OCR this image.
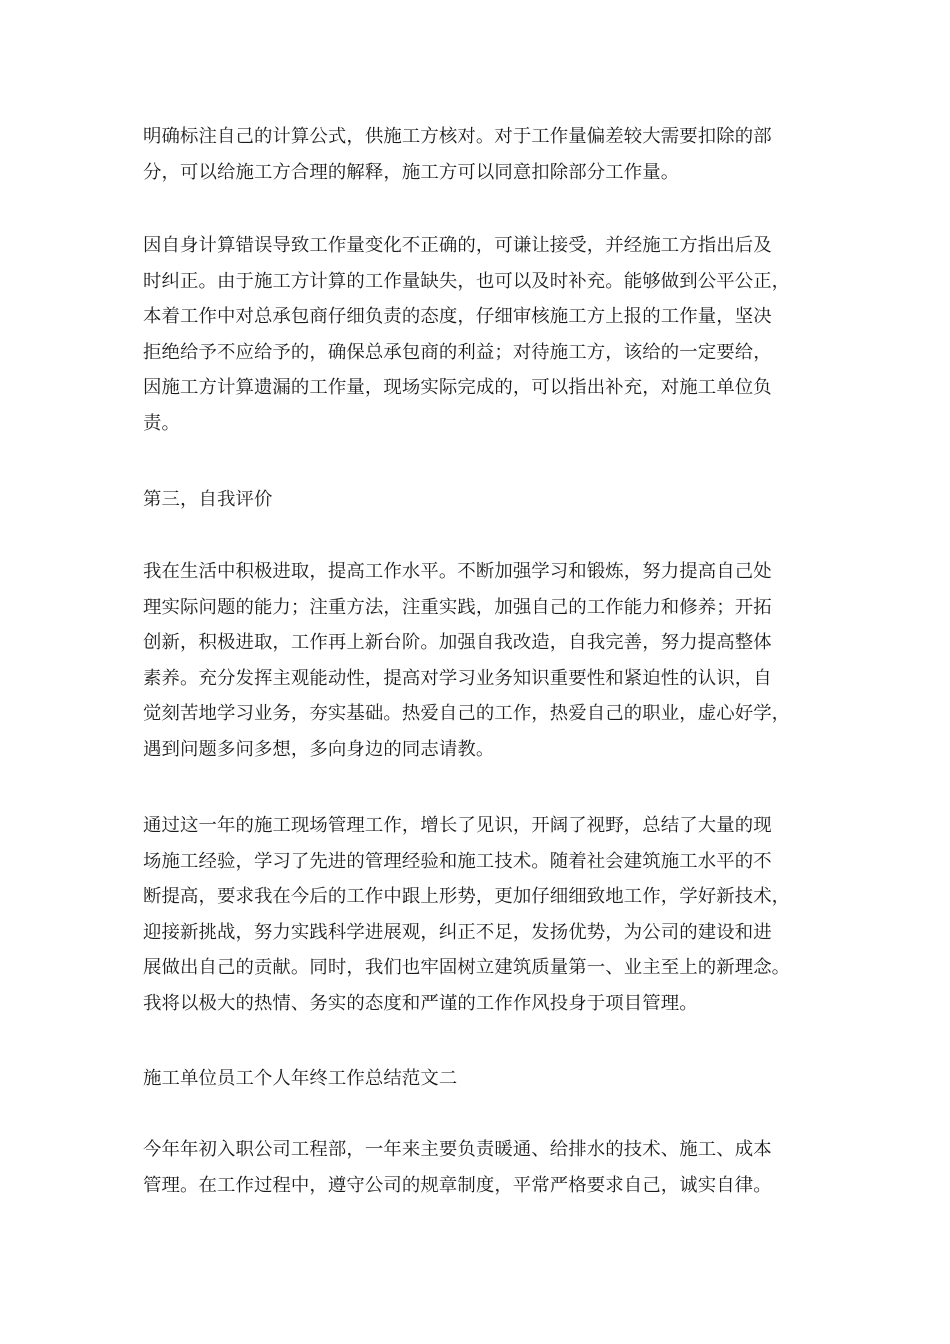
明确标注自己的计算公式，供施工方核对。对于工作量偏差较大需要扣除的部
分，可以给施工方合理的解释，施工方可以同意扣除部分工作量。

因自身计算错误导致工作量变化不正确的，可谦让接受，并经施工方指出后及
时纠正。由于施工方计算的工作量缺失，也可以及时补充。能够做到公平公正，
本着工作中对总承包商仔细负责的态度，仔细审核施工方上报的工作量，坚决
拒绝给予不应给予的，确保总承包商的利益；对待施工方，该给的一定要给，
因施工方计算遗漏的工作量，现场实际完成的，可以指出补充，对施工单位负
责。

第三，自我评价

我在生活中积极进取，提高工作水平。不断加强学习和锻炼，努力提高自己处
理实际问题的能力；注重方法，注重实践，加强自己的工作能力和修养；开拓
创新，积极进取，工作再上新台阶。加强自我改造，自我完善，努力提高整体
素养。充分发挥主观能动性，提高对学习业务知识重要性和紧迫性的认识，自
觉刻苦地学习业务，夯实基础。热爱自己的工作，热爱自己的职业，虚心好学，
遇到问题多问多想，多向身边的同志请教。

通过这一年的施工现场管理工作，增长了见识，开阔了视野，总结了大量的现
场施工经验，学习了先进的管理经验和施工技术。随着社会建筑施工水平的不
断提高，要求我在今后的工作中跟上形势，更加仔细细致地工作，学好新技术，
迎接新挑战，努力实践科学进展观，纠正不足，发扬优势，为公司的建设和进
展做出自己的贡献。同时，我们也牢固树立建筑质量第一、业主至上的新理念。
我将以极大的热情、务实的态度和严谨的工作作风投身于项目管理。

施工单位员工个人年终工作总结范文二

今年年初入职公司工程部，一年来主要负责暖通、给排水的技术、施工、成本
管理。在工作过程中，遵守公司的规章制度，平常严格要求自己，诚实自律。
